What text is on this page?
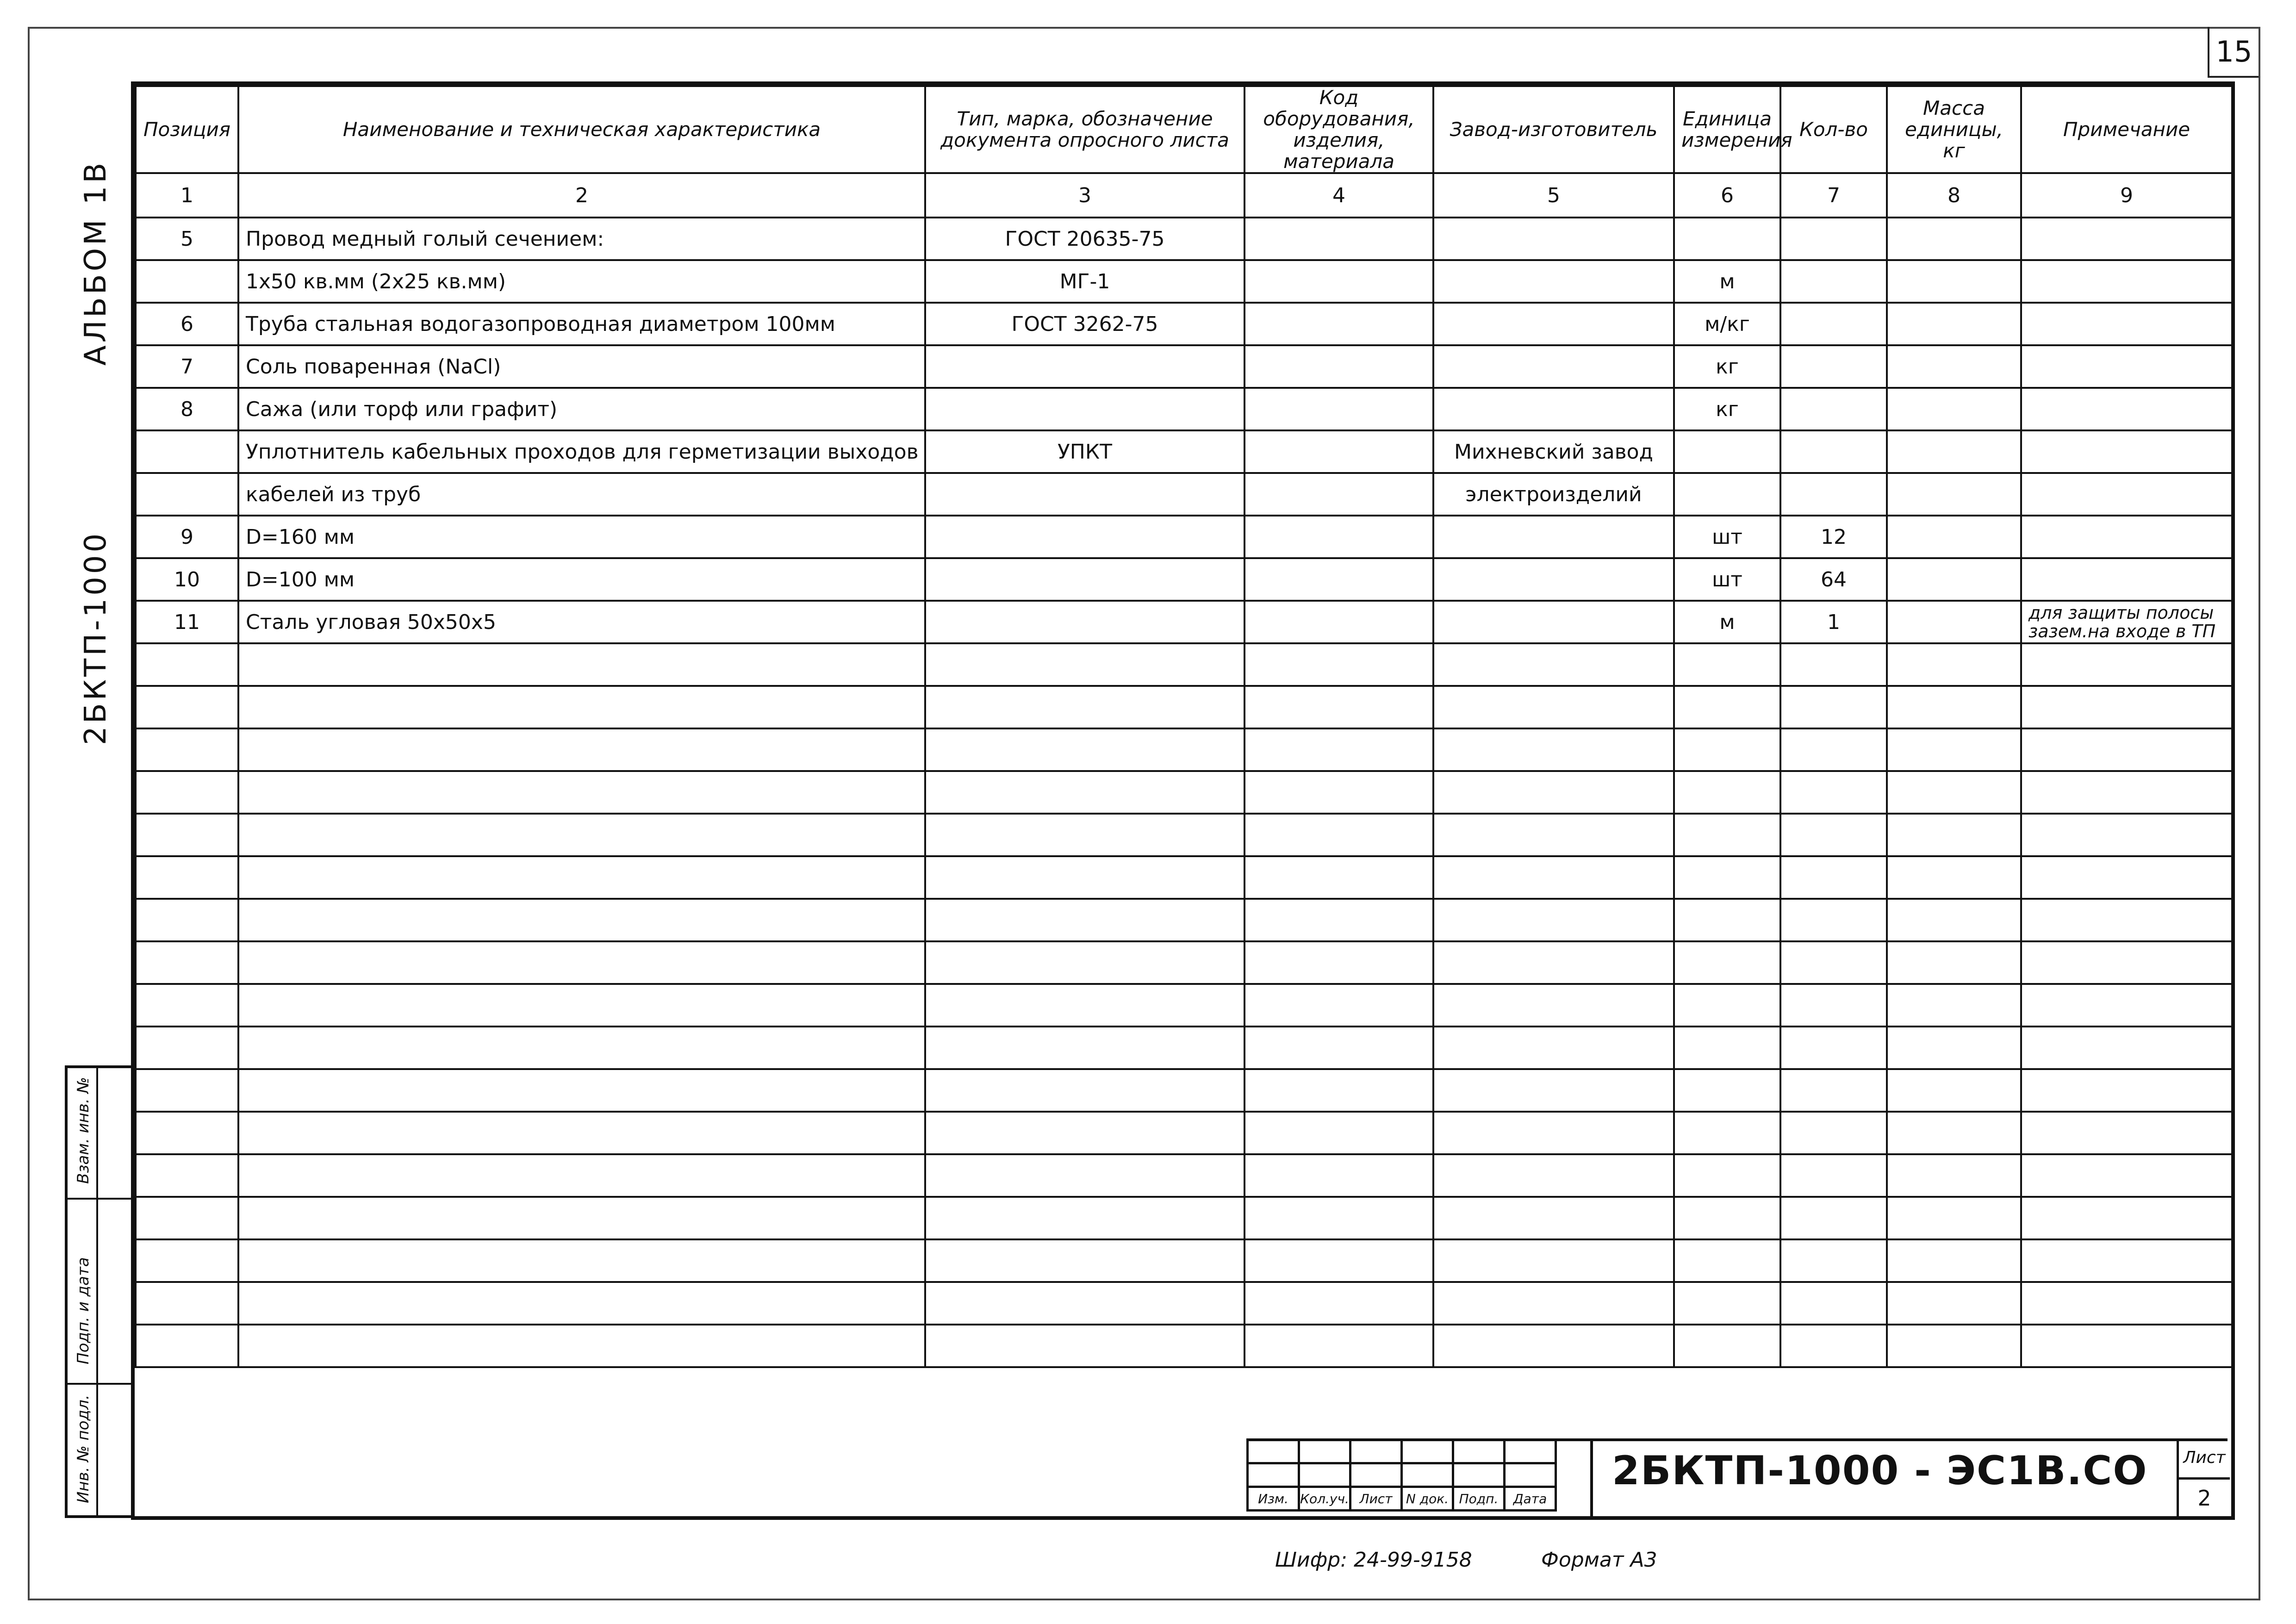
15
АЛЬБОМ 1В
2БКТП-1000
Взам. инв. №
Подп. и дата
Инв. № подл.
Позиция	Наименование и техническая характеристика	Тип, марка, обозначение документа опросного листа	Код оборудования, изделия, материала	Завод-изготовитель	Единица измерения	Кол-во	Масса единицы, кг	Примечание
1	2	3	4	5	6	7	8	9
5	Провод медный голый сечением:	ГОСТ 20635-75						
	1х50 кв.мм (2х25 кв.мм)	МГ-1			м			
6	Труба стальная водогазопроводная диаметром 100мм	ГОСТ 3262-75			м/кг			
7	Соль поваренная (NaCl)				кг			
8	Сажа (или торф или графит)				кг			
	Уплотнитель кабельных проходов для герметизации выходов	УПКТ		Михневский завод				
	кабелей из труб			электроизделий				
9	D=160 мм				шт	12		
10	D=100 мм				шт	64		
11	Сталь угловая 50х50х5				м	1		для защиты полосы зазем.на входе в ТП

Изм.	Кол.уч.	Лист	N док.	Подп.	Дата
2БКТП-1000 - ЭС1В.СО Лист
2
Шифр: 24-99-9158	Формат А3
